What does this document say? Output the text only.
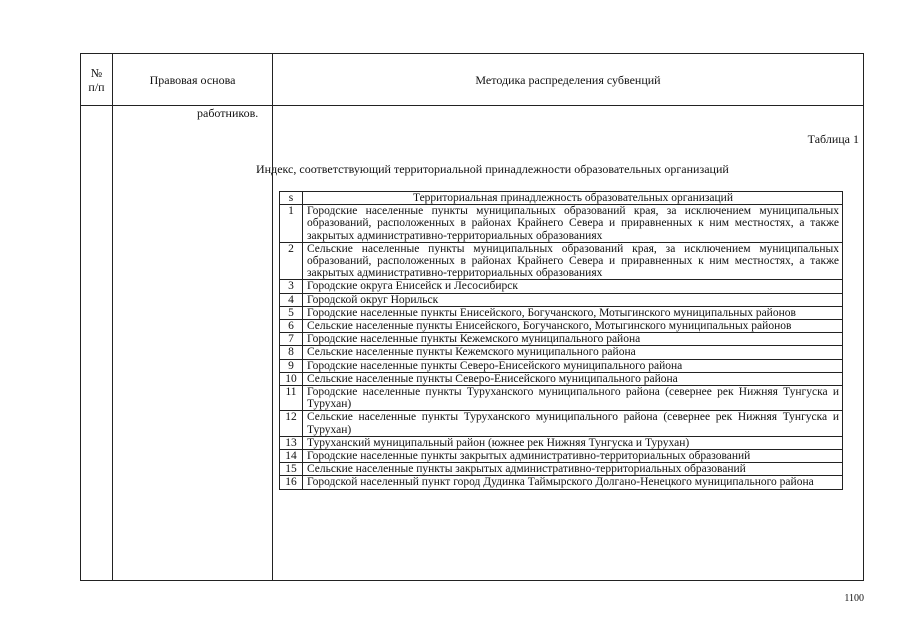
№
п/п	Правовая основа	Методика распределения субвенций
работников.
Таблица 1
Индекс, соответствующий территориальной принадлежности образовательных организаций
s	Территориальная принадлежность образовательных организаций
1	Городские населенные пункты муниципальных образований края, за исключением муниципальных образований, расположенных в районах Крайнего Севера и приравненных к ним местностях, а также закрытых административно-территориальных образованиях
2	Сельские населенные пункты муниципальных образований края, за исключением муниципальных образований, расположенных в районах Крайнего Севера и приравненных к ним местностях, а также закрытых административно-территориальных образованиях
3	Городские округа Енисейск и Лесосибирск
4	Городской округ Норильск
5	Городские населенные пункты Енисейского, Богучанского, Мотыгинского муниципальных районов
6	Сельские населенные пункты Енисейского, Богучанского, Мотыгинского муниципальных районов
7	Городские населенные пункты Кежемского муниципального района
8	Сельские населенные пункты Кежемского муниципального района
9	Городские населенные пункты Северо-Енисейского муниципального района
10	Сельские населенные пункты Северо-Енисейского муниципального района
11	Городские населенные пункты Туруханского муниципального района (севернее рек Нижняя Тунгуска и Турухан)
12	Сельские населенные пункты Туруханского муниципального района (севернее рек Нижняя Тунгуска и Турухан)
13	Туруханский муниципальный район (южнее рек Нижняя Тунгуска и Турухан)
14	Городские населенные пункты закрытых административно-территориальных образований
15	Сельские населенные пункты закрытых административно-территориальных образований
16	Городской населенный пункт город Дудинка Таймырского Долгано-Ненецкого муниципального района
1100
